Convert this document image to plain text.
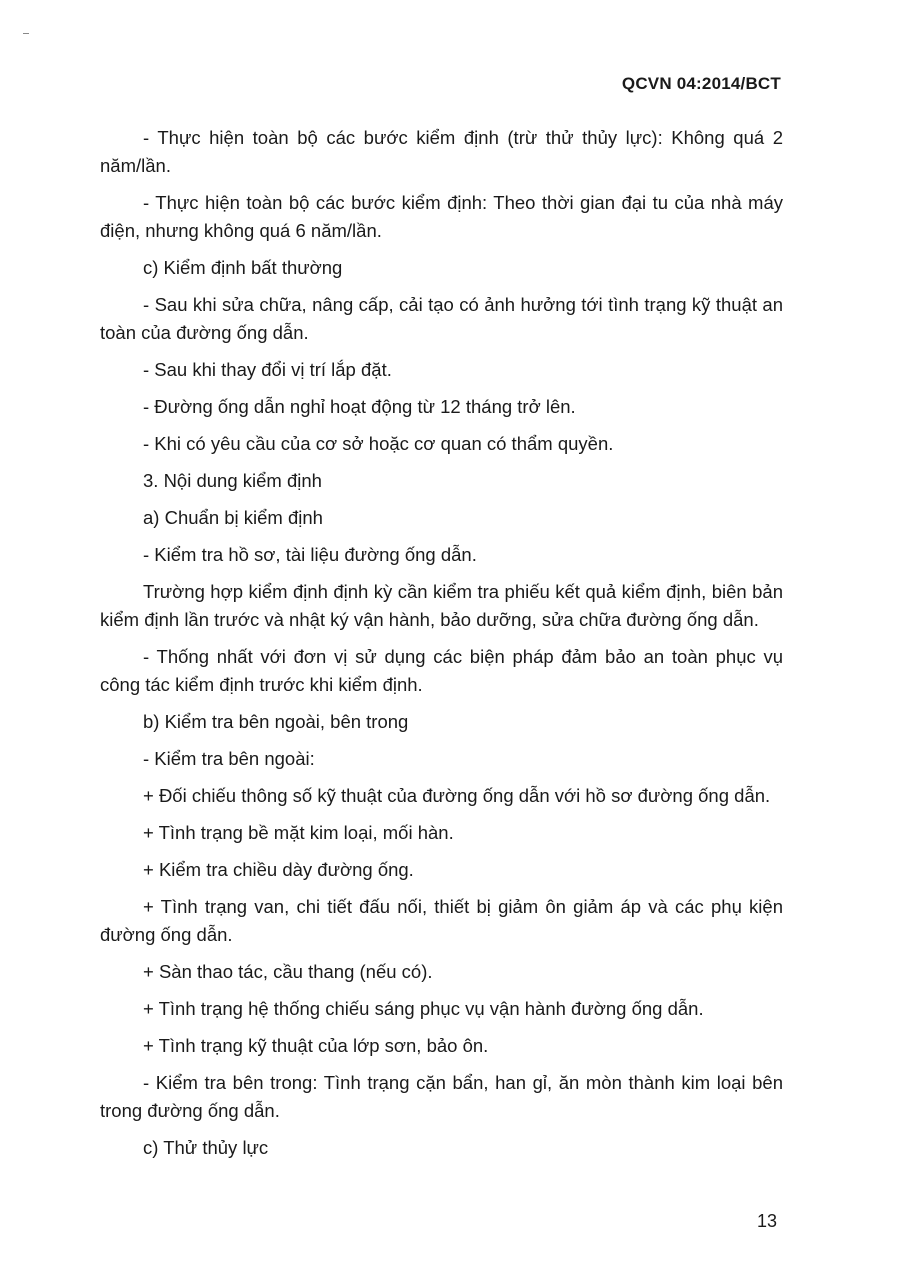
QCVN 04:2014/BCT

- Thực hiện toàn bộ các bước kiểm định (trừ thử thủy lực): Không quá 2 năm/lần.

- Thực hiện toàn bộ các bước kiểm định: Theo thời gian đại tu của nhà máy điện, nhưng không quá 6 năm/lần.

c) Kiểm định bất thường

- Sau khi sửa chữa, nâng cấp, cải tạo có ảnh hưởng tới tình trạng kỹ thuật an toàn của đường ống dẫn.

- Sau khi thay đổi vị trí lắp đặt.

- Đường ống dẫn nghỉ hoạt động từ 12 tháng trở lên.

- Khi có yêu cầu của cơ sở hoặc cơ quan có thẩm quyền.

3. Nội dung kiểm định

a) Chuẩn bị kiểm định

- Kiểm tra hồ sơ, tài liệu đường ống dẫn.

Trường hợp kiểm định định kỳ cần kiểm tra phiếu kết quả kiểm định, biên bản kiểm định lần trước và nhật ký vận hành, bảo dưỡng, sửa chữa đường ống dẫn.

- Thống nhất với đơn vị sử dụng các biện pháp đảm bảo an toàn phục vụ công tác kiểm định trước khi kiểm định.

b) Kiểm tra bên ngoài, bên trong

- Kiểm tra bên ngoài:

+ Đối chiếu thông số kỹ thuật của đường ống dẫn với hồ sơ đường ống dẫn.

+ Tình trạng bề mặt kim loại, mối hàn.

+ Kiểm tra chiều dày đường ống.

+ Tình trạng van, chi tiết đấu nối, thiết bị giảm ôn giảm áp và các phụ kiện đường ống dẫn.

+ Sàn thao tác, cầu thang (nếu có).

+ Tình trạng hệ thống chiếu sáng phục vụ vận hành đường ống dẫn.

+ Tình trạng kỹ thuật của lớp sơn, bảo ôn.

- Kiểm tra bên trong: Tình trạng cặn bẩn, han gỉ, ăn mòn thành kim loại bên trong đường ống dẫn.

c) Thử thủy lực

13
